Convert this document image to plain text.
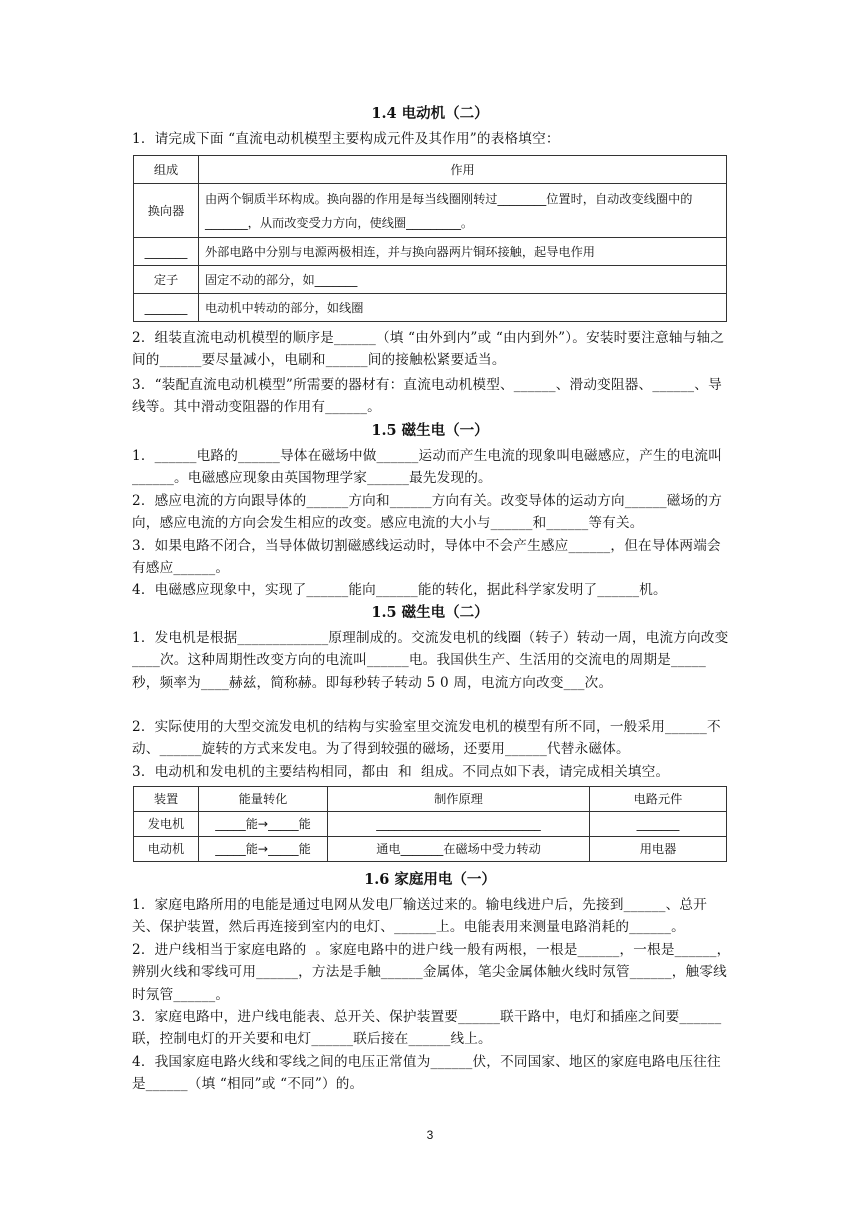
1.4 电动机（二）
1．请完成下面 “直流电动机模型主要构成元件及其作用”的表格填空：
组成	作用
换向器	由两个铜质半环构成。换向器的作用是每当线圈刚转过________位置时，自动改变线圈中的_______，从而改变受力方向，使线圈_________。
_______	外部电路中分别与电源两极相连，并与换向器两片铜环接触，起导电作用
定子	固定不动的部分，如_______
_______	电动机中转动的部分，如线圈
2．组装直流电动机模型的顺序是______（填 “由外到内”或 “由内到外”）。安装时要注意轴与轴之间的______要尽量减小，电刷和______间的接触松紧要适当。
3．“装配直流电动机模型”所需要的器材有：直流电动机模型、______、滑动变阻器、______、导线等。其中滑动变阻器的作用有______。
1.5 磁生电（一）
1．______电路的______导体在磁场中做______运动而产生电流的现象叫电磁感应，产生的电流叫______。电磁感应现象由英国物理学家______最先发现的。
2．感应电流的方向跟导体的______方向和______方向有关。改变导体的运动方向______磁场的方向，感应电流的方向会发生相应的改变。感应电流的大小与______和______等有关。
3．如果电路不闭合，当导体做切割磁感线运动时，导体中不会产生感应______，但在导体两端会有感应______。
4．电磁感应现象中，实现了______能向______能的转化，据此科学家发明了______机。
1.5 磁生电（二）
1．发电机是根据_____________原理制成的。交流发电机的线圈（转子）转动一周，电流方向改变____次。这种周期性改变方向的电流叫______电。我国供生产、生活用的交流电的周期是_____秒，频率为____赫兹，简称赫。即每秒转子转动 5 0 周，电流方向改变___次。
2．实际使用的大型交流发电机的结构与实验室里交流发电机的模型有所不同，一般采用______不动、______旋转的方式来发电。为了得到较强的磁场，还要用______代替永磁体。
3．电动机和发电机的主要结构相同，都由  和  组成。不同点如下表，请完成相关填空。
装置	能量转化	制作原理	电路元件
发电机	_____能→_____能	___________________________	_______
电动机	_____能→_____能	通电_______在磁场中受力转动	用电器
1.6 家庭用电（一）
1．家庭电路所用的电能是通过电网从发电厂输送过来的。输电线进户后，先接到______、总开关、保护装置，然后再连接到室内的电灯、______上。电能表用来测量电路消耗的______。
2．进户线相当于家庭电路的  。家庭电路中的进户线一般有两根，一根是______，一根是______，辨别火线和零线可用______，方法是手触______金属体，笔尖金属体触火线时氖管______，触零线时氖管______。
3．家庭电路中，进户线电能表、总开关、保护装置要______联干路中，电灯和插座之间要______ 联，控制电灯的开关要和电灯______联后接在______线上。
4．我国家庭电路火线和零线之间的电压正常值为______伏，不同国家、地区的家庭电路电压往往是______（填 “相同”或 “不同”）的。
3
